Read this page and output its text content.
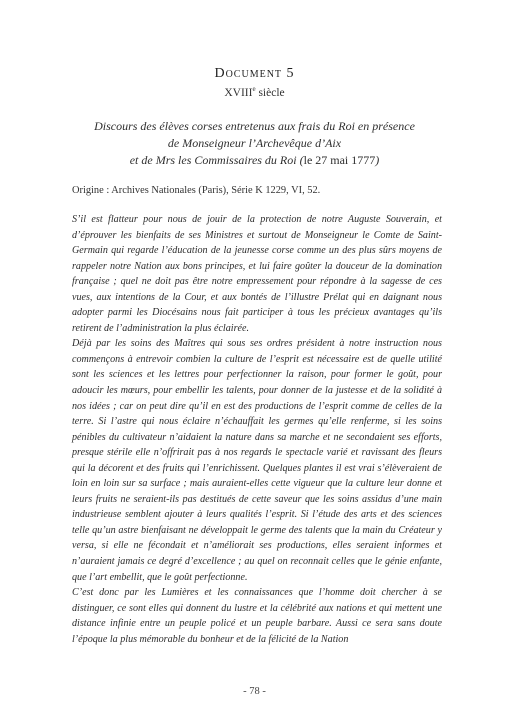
Document 5
XVIIIe siècle
Discours des élèves corses entretenus aux frais du Roi en présence
de Monseigneur l’Archevêque d’Aix
et de Mrs les Commissaires du Roi (le 27 mai 1777)
Origine : Archives Nationales (Paris), Série K 1229, VI, 52.

S’il est flatteur pour nous de jouir de la protection de notre Auguste Souverain, et d’éprouver les bienfaits de ses Ministres et surtout de Monseigneur le Comte de Saint-Germain qui regarde l’éducation de la jeunesse corse comme un des plus sûrs moyens de rappeler notre Nation aux bons principes, et lui faire goûter la douceur de la domination française ; quel ne doit pas être notre empressement pour répondre à la sagesse de ces vues, aux intentions de la Cour, et aux bontés de l’illustre Prélat qui en daignant nous adopter parmi les Diocésains nous fait participer à tous les précieux avantages qu’ils retirent de l’administration la plus éclairée.

Déjà par les soins des Maîtres qui sous ses ordres président à notre instruction nous commençons à entrevoir combien la culture de l’esprit est nécessaire est de quelle utilité sont les sciences et les lettres pour perfectionner la raison, pour former le goût, pour adoucir les mœurs, pour embellir les talents, pour donner de la justesse et de la solidité à nos idées ; car on peut dire qu’il en est des productions de l’esprit comme de celles de la terre. Si l’astre qui nous éclaire n’échauffait les germes qu’elle renferme, si les soins pénibles du cultivateur n’aidaient la nature dans sa marche et ne secondaient ses efforts, presque stérile elle n’offrirait pas à nos regards le spectacle varié et ravissant des fleurs qui la décorent et des fruits qui l’enrichissent. Quelques plantes il est vrai s’élèveraient de loin en loin sur sa surface ; mais auraient-elles cette vigueur que la culture leur donne et leurs fruits ne seraient-ils pas destitués de cette saveur que les soins assidus d’une main industrieuse semblent ajouter à leurs qualités l’esprit. Si l’étude des arts et des sciences telle qu’un astre bienfaisant ne développait le germe des talents que la main du Créateur y versa, si elle ne fécondait et n’améliorait ses productions, elles seraient informes et n’auraient jamais ce degré d’excellence ; au quel on reconnait celles que le génie enfante, que l’art embellit, que le goût perfectionne.

C’est donc par les Lumières et les connaissances que l’homme doit chercher à se distinguer, ce sont elles qui donnent du lustre et la célébrité aux nations et qui mettent une distance infinie entre un peuple policé et un peuple barbare. Aussi ce sera sans doute l’époque la plus mémorable du bonheur et de la félicité de la Nation

- 78 -
